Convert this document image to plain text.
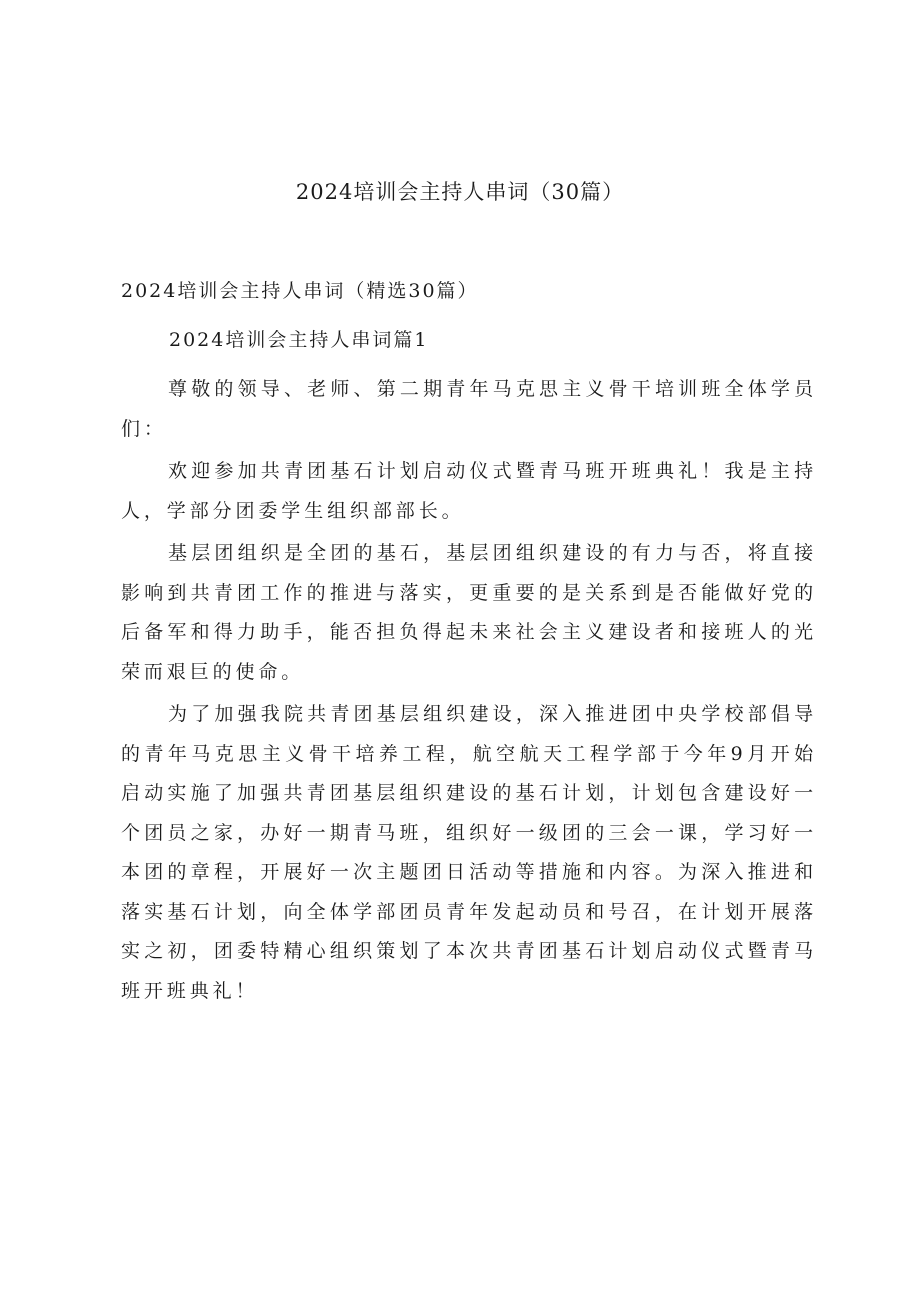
2024培训会主持人串词（30篇）
2024培训会主持人串词（精选30篇）
2024培训会主持人串词篇1

尊敬的领导、老师、第二期青年马克思主义骨干培训班全体学员们：

欢迎参加共青团基石计划启动仪式暨青马班开班典礼！我是主持人，学部分团委学生组织部部长。

基层团组织是全团的基石，基层团组织建设的有力与否，将直接影响到共青团工作的推进与落实，更重要的是关系到是否能做好党的后备军和得力助手，能否担负得起未来社会主义建设者和接班人的光荣而艰巨的使命。

为了加强我院共青团基层组织建设，深入推进团中央学校部倡导的青年马克思主义骨干培养工程，航空航天工程学部于今年9月开始启动实施了加强共青团基层组织建设的基石计划，计划包含建设好一个团员之家，办好一期青马班，组织好一级团的三会一课，学习好一本团的章程，开展好一次主题团日活动等措施和内容。为深入推进和落实基石计划，向全体学部团员青年发起动员和号召，在计划开展落实之初，团委特精心组织策划了本次共青团基石计划启动仪式暨青马班开班典礼！
